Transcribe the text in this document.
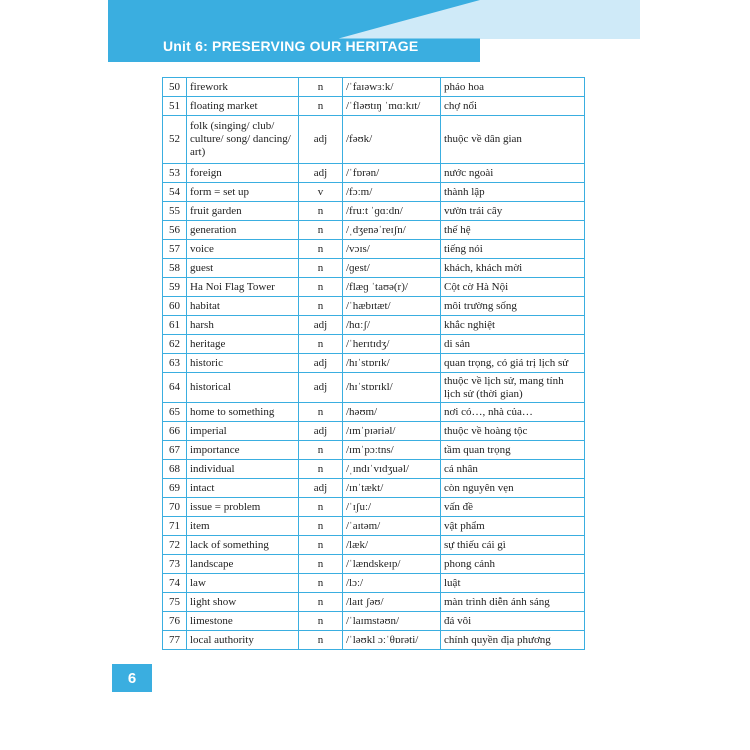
Unit 6: PRESERVING OUR HERITAGE
50	firework	n	/ˈfaɪəwɜːk/	pháo hoa
51	floating market	n	/ˈfləʊtɪŋ ˈmɑːkɪt/	chợ nổi
52	folk (singing/ club/ culture/ song/ dancing/ art)	adj	/fəʊk/	thuộc về dân gian
53	foreign	adj	/ˈfɒrən/	nước ngoài
54	form = set up	v	/fɔːm/	thành lập
55	fruit garden	n	/fruːt ˈɡɑːdn/	vườn trái cây
56	generation	n	/ˌdʒenəˈreɪʃn/	thế hệ
57	voice	n	/vɔɪs/	tiếng nói
58	guest	n	/ɡest/	khách, khách mời
59	Ha Noi Flag Tower	n	/flæɡ ˈtaʊə(r)/	Cột cờ Hà Nội
60	habitat	n	/ˈhæbɪtæt/	môi trường sống
61	harsh	adj	/hɑːʃ/	khắc nghiệt
62	heritage	n	/ˈherɪtɪdʒ/	di sản
63	historic	adj	/hɪˈstɒrɪk/	quan trọng, có giá trị lịch sử
64	historical	adj	/hɪˈstɒrɪkl/	thuộc về lịch sử, mang tính lịch sử (thời gian)
65	home to something	n	/həʊm/	nơi có…, nhà của…
66	imperial	adj	/ɪmˈpɪəriəl/	thuộc về hoàng tộc
67	importance	n	/ɪmˈpɔːtns/	tầm quan trọng
68	individual	n	/ˌɪndɪˈvɪdʒuəl/	cá nhân
69	intact	adj	/ɪnˈtækt/	còn nguyên vẹn
70	issue = problem	n	/ˈɪʃuː/	vấn đề
71	item	n	/ˈaɪtəm/	vật phẩm
72	lack of something	n	/læk/	sự thiếu cái gì
73	landscape	n	/ˈlændskeɪp/	phong cảnh
74	law	n	/lɔː/	luật
75	light show	n	/laɪt ʃəʊ/	màn trình diễn ánh sáng
76	limestone	n	/ˈlaɪmstəʊn/	đá vôi
77	local authority	n	/ˈləʊkl ɔːˈθɒrəti/	chính quyền địa phương
6
